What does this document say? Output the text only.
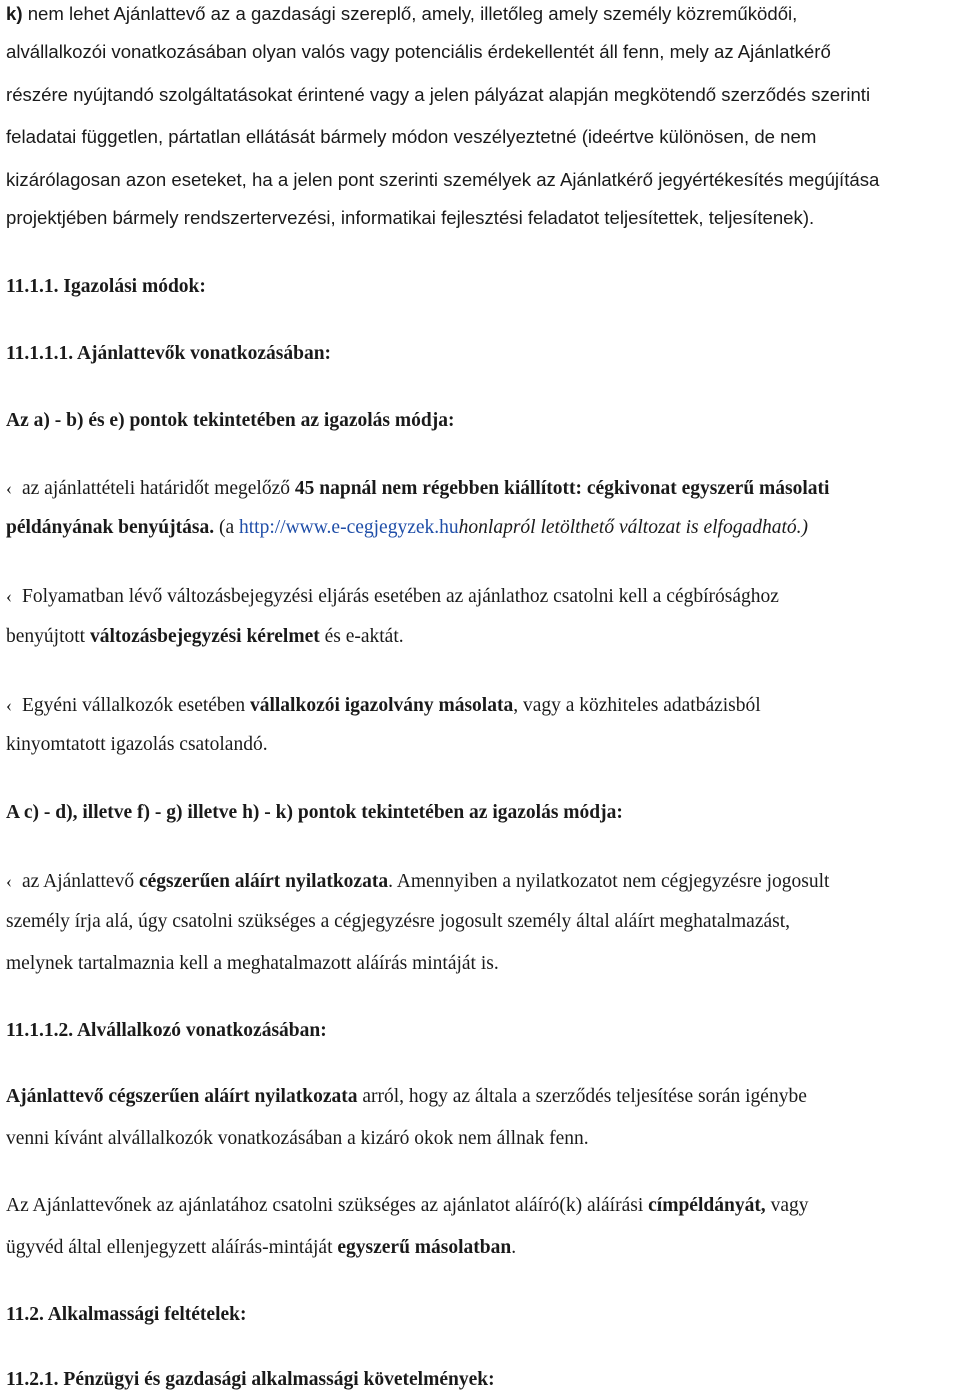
k) nem lehet Ajánlattevő az a gazdasági szereplő, amely, illetőleg amely személy közreműködői,
alvállalkozói vonatkozásában olyan valós vagy potenciális érdekellentét áll fenn, mely az Ajánlatkérő
részére nyújtandó szolgáltatásokat érintené vagy a jelen pályázat alapján megkötendő szerződés szerinti
feladatai független, pártatlan ellátását bármely módon veszélyeztetné (ideértve különösen, de nem
kizárólagosan azon eseteket, ha a jelen pont szerinti személyek az Ajánlatkérő jegyértékesítés megújítása
projektjében bármely rendszertervezési, informatikai fejlesztési feladatot teljesítettek, teljesítenek).
11.1.1. Igazolási módok:
11.1.1.1. Ajánlattevők vonatkozásában:
Az a) - b) és e) pontok tekintetében az igazolás módja:
‹ az ajánlattételi határidőt megelőző 45 napnál nem régebben kiállított: cégkivonat egyszerű másolati
példányának benyújtása. (a http://www.e-cegjegyzek.huhonlapról letölthető változat is elfogadható.)
‹ Folyamatban lévő változásbejegyzési eljárás esetében az ajánlathoz csatolni kell a cégbírósághoz
benyújtott változásbejegyzési kérelmet és e-aktát.
‹ Egyéni vállalkozók esetében vállalkozói igazolvány másolata, vagy a közhiteles adatbázisból
kinyomtatott igazolás csatolandó.
A c) - d), illetve f) - g) illetve h) - k) pontok tekintetében az igazolás módja:
‹ az Ajánlattevő cégszerűen aláírt nyilatkozata. Amennyiben a nyilatkozatot nem cégjegyzésre jogosult
személy írja alá, úgy csatolni szükséges a cégjegyzésre jogosult személy által aláírt meghatalmazást,
melynek tartalmaznia kell a meghatalmazott aláírás mintáját is.
11.1.1.2. Alvállalkozó vonatkozásában:
Ajánlattevő cégszerűen aláírt nyilatkozata arról, hogy az általa a szerződés teljesítése során igénybe
venni kívánt alvállalkozók vonatkozásában a kizáró okok nem állnak fenn.
Az Ajánlattevőnek az ajánlatához csatolni szükséges az ajánlatot aláíró(k) aláírási címpéldányát, vagy
ügyvéd által ellenjegyzett aláírás-mintáját egyszerű másolatban.
11.2. Alkalmassági feltételek:
11.2.1. Pénzügyi és gazdasági alkalmassági követelmények:
